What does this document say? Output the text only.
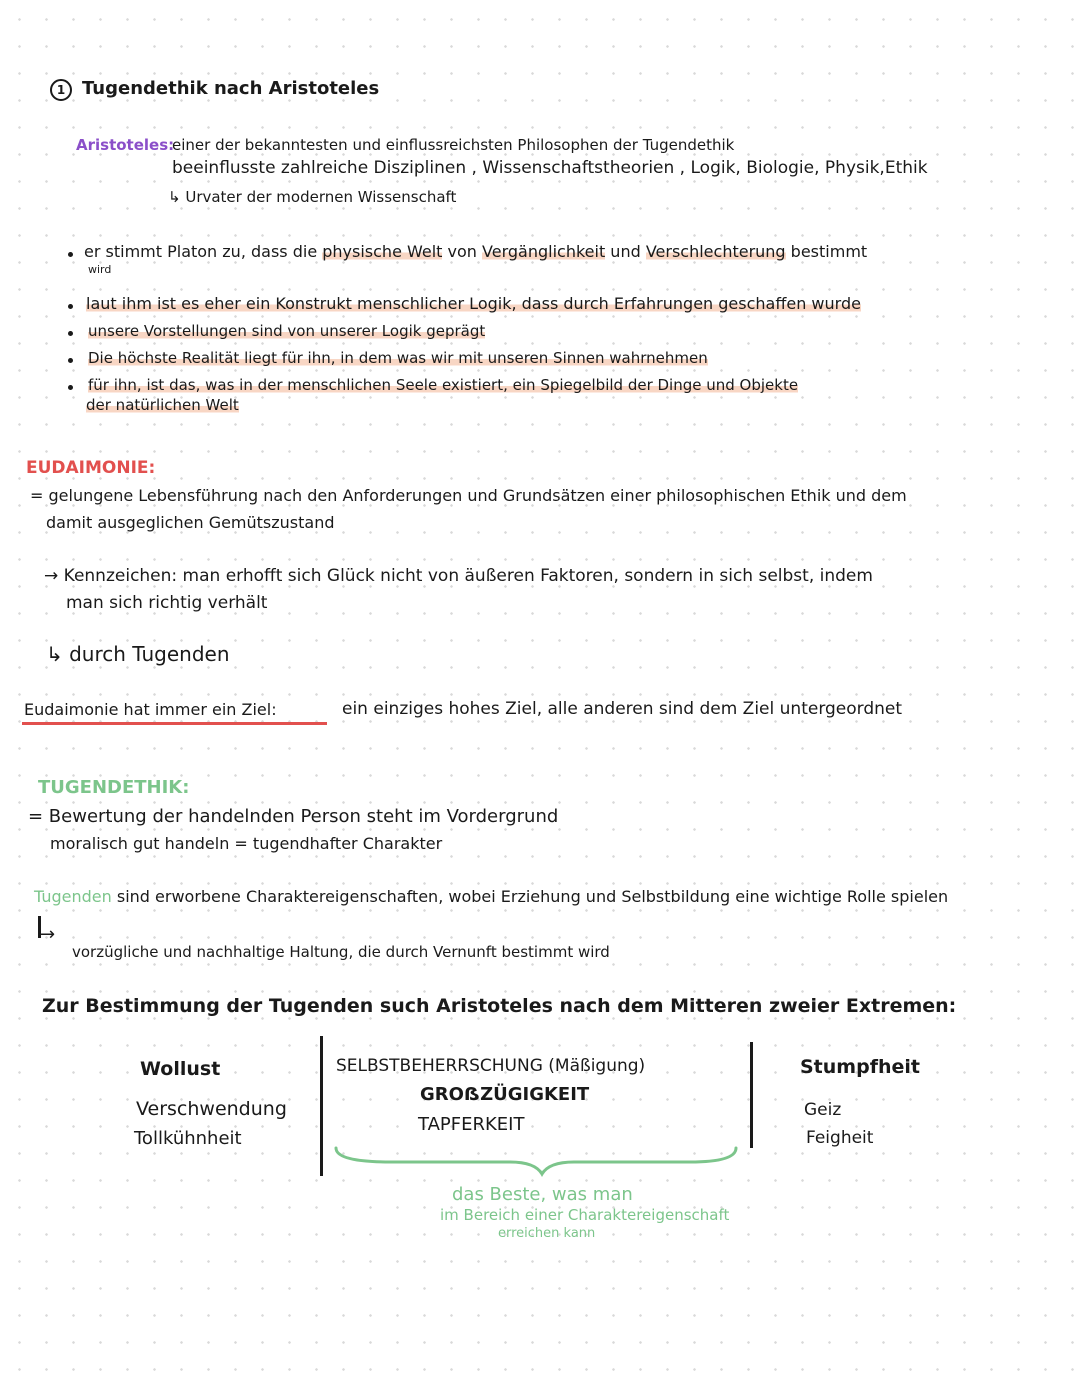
1 Tugendethik nach Aristoteles
Aristoteles:
einer der bekanntesten und einflussreichsten Philosophen der Tugendethik
beeinflusste zahlreiche Disziplinen , Wissenschaftstheorien , Logik, Biologie, Physik,Ethik
↳ Urvater der modernen Wissenschaft
er stimmt Platon zu, dass die physische Welt von Vergänglichkeit und Verschlechterung bestimmt
wird
laut ihm ist es eher ein Konstrukt menschlicher Logik, dass durch Erfahrungen geschaffen wurde
unsere Vorstellungen sind von unserer Logik geprägt
Die höchste Realität liegt für ihn, in dem was wir mit unseren Sinnen wahrnehmen
für ihn, ist das, was in der menschlichen Seele existiert, ein Spiegelbild der Dinge und Objekte
der natürlichen Welt
EUDAIMONIE:
= gelungene Lebensführung nach den Anforderungen und Grundsätzen einer philosophischen Ethik und dem
damit ausgeglichen Gemütszustand
→ Kennzeichen: man erhofft sich Glück nicht von äußeren Faktoren, sondern in sich selbst, indem
man sich richtig verhält
↳ durch Tugenden
Eudaimonie hat immer ein Ziel:	ein einziges hohes Ziel, alle anderen sind dem Ziel untergeordnet
TUGENDETHIK:
= Bewertung der handelnden Person steht im Vordergrund
moralisch gut handeln = tugendhafter Charakter
Tugenden sind erworbene Charaktereigenschaften, wobei Erziehung und Selbstbildung eine wichtige Rolle spielen
→
vorzügliche und nachhaltige Haltung, die durch Vernunft bestimmt wird
Zur Bestimmung der Tugenden such Aristoteles nach dem Mitteren zweier Extremen:
Wollust
Verschwendung
Tollkühnheit
SELBSTBEHERRSCHUNG (Mäßigung)
GROẞZÜGIGKEIT
TAPFERKEIT
Stumpfheit
Geiz
Feigheit
das Beste, was man
im Bereich einer Charaktereigenschaft
erreichen kann
